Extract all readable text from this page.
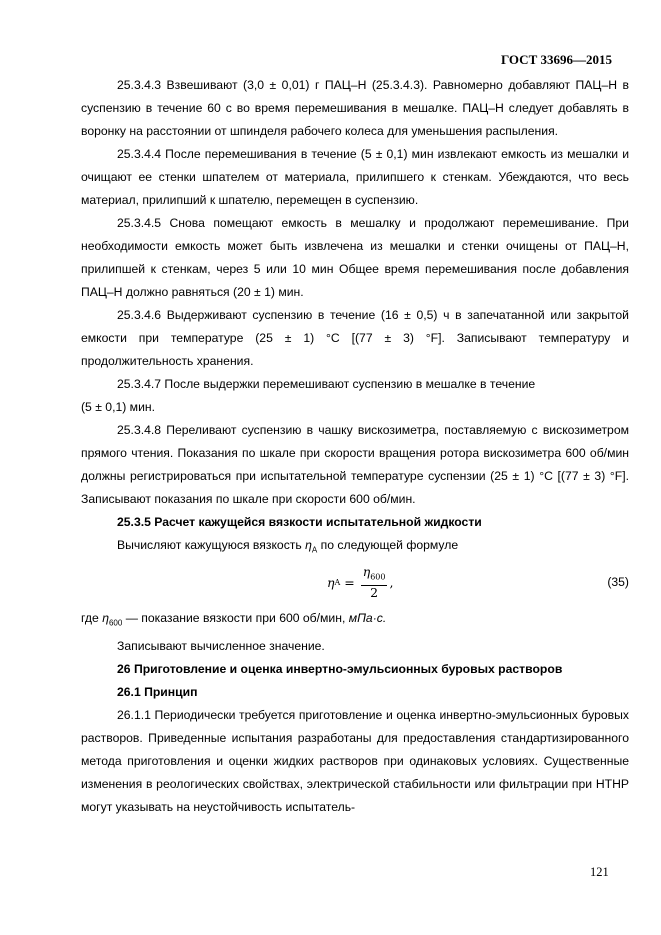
ГОСТ 33696—2015

25.3.4.3 Взвешивают (3,0 ± 0,01) г ПАЦ–Н (25.3.4.3). Равномерно добавляют ПАЦ–Н в суспензию в течение 60 с во время перемешивания в мешалке. ПАЦ–Н следует добавлять в воронку на расстоянии от шпинделя рабочего колеса для уменьшения распыления.

25.3.4.4 После перемешивания в течение (5 ± 0,1) мин извлекают емкость из мешалки и очищают ее стенки шпателем от материала, прилипшего к стенкам. Убеждаются, что весь материал, прилипший к шпателю, перемещен в суспензию.

25.3.4.5 Снова помещают емкость в мешалку и продолжают перемешивание. При необходимости емкость может быть извлечена из мешалки и стенки очищены от ПАЦ–Н, прилипшей к стенкам, через 5 или 10 мин Общее время перемешивания после добавления ПАЦ–Н должно равняться (20 ± 1) мин.

25.3.4.6 Выдерживают суспензию в течение (16 ± 0,5) ч в запечатанной или закрытой емкости при температуре (25 ± 1) °С [(77 ± 3) °F]. Записывают температуру и продолжительность хранения.

25.3.4.7 После выдержки перемешивают суспензию в мешалке в течение

(5 ± 0,1) мин.

25.3.4.8 Переливают суспензию в чашку вискозиметра, поставляемую с вискозиметром прямого чтения. Показания по шкале при скорости вращения ротора вискозиметра 600 об/мин должны регистрироваться при испытательной температуре суспензии (25 ± 1) °С [(77 ± 3) °F]. Записывают показания по шкале при скорости 600 об/мин.

25.3.5 Расчет кажущейся вязкости испытательной жидкости

Вычисляют кажущуюся вязкость $\eta_A$ по следующей формуле

η $A = \frac{\eta_{600}}{2}$ ,	(35)

где $\eta_{600}$ — показание вязкости при 600 об/мин, мПа·с.

Записывают вычисленное значение.

26 Приготовление и оценка инвертно-эмульсионных буровых растворов

26.1 Принцип

26.1.1 Периодически требуется приготовление и оценка инвертно-эмульсионных буровых растворов. Приведенные испытания разработаны для предоставления стандартизированного метода приготовления и оценки жидких растворов при одинаковых условиях. Существенные изменения в реологических свойствах, электрической стабильности или фильтрации при НТНР могут указывать на неустойчивость испытатель-

121
